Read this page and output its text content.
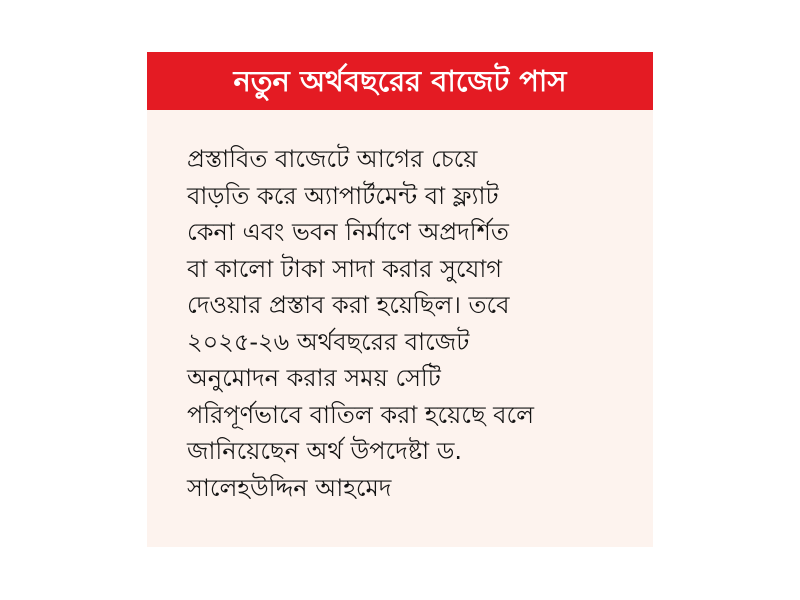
নতুন অর্থবছরের বাজেট পাস

প্রস্তাবিত বাজেটে আগের চেয়ে
বাড়তি করে অ্যাপার্টমেন্ট বা ফ্ল্যাট
কেনা এবং ভবন নির্মাণে অপ্রদর্শিত
বা কালো টাকা সাদা করার সুযোগ
দেওয়ার প্রস্তাব করা হয়েছিল। তবে
২০২৫-২৬ অর্থবছরের বাজেট
অনুমোদন করার সময় সেটি
পরিপূর্ণভাবে বাতিল করা হয়েছে বলে
জানিয়েছেন অর্থ উপদেষ্টা ড.
সালেহউদ্দিন আহমেদ
